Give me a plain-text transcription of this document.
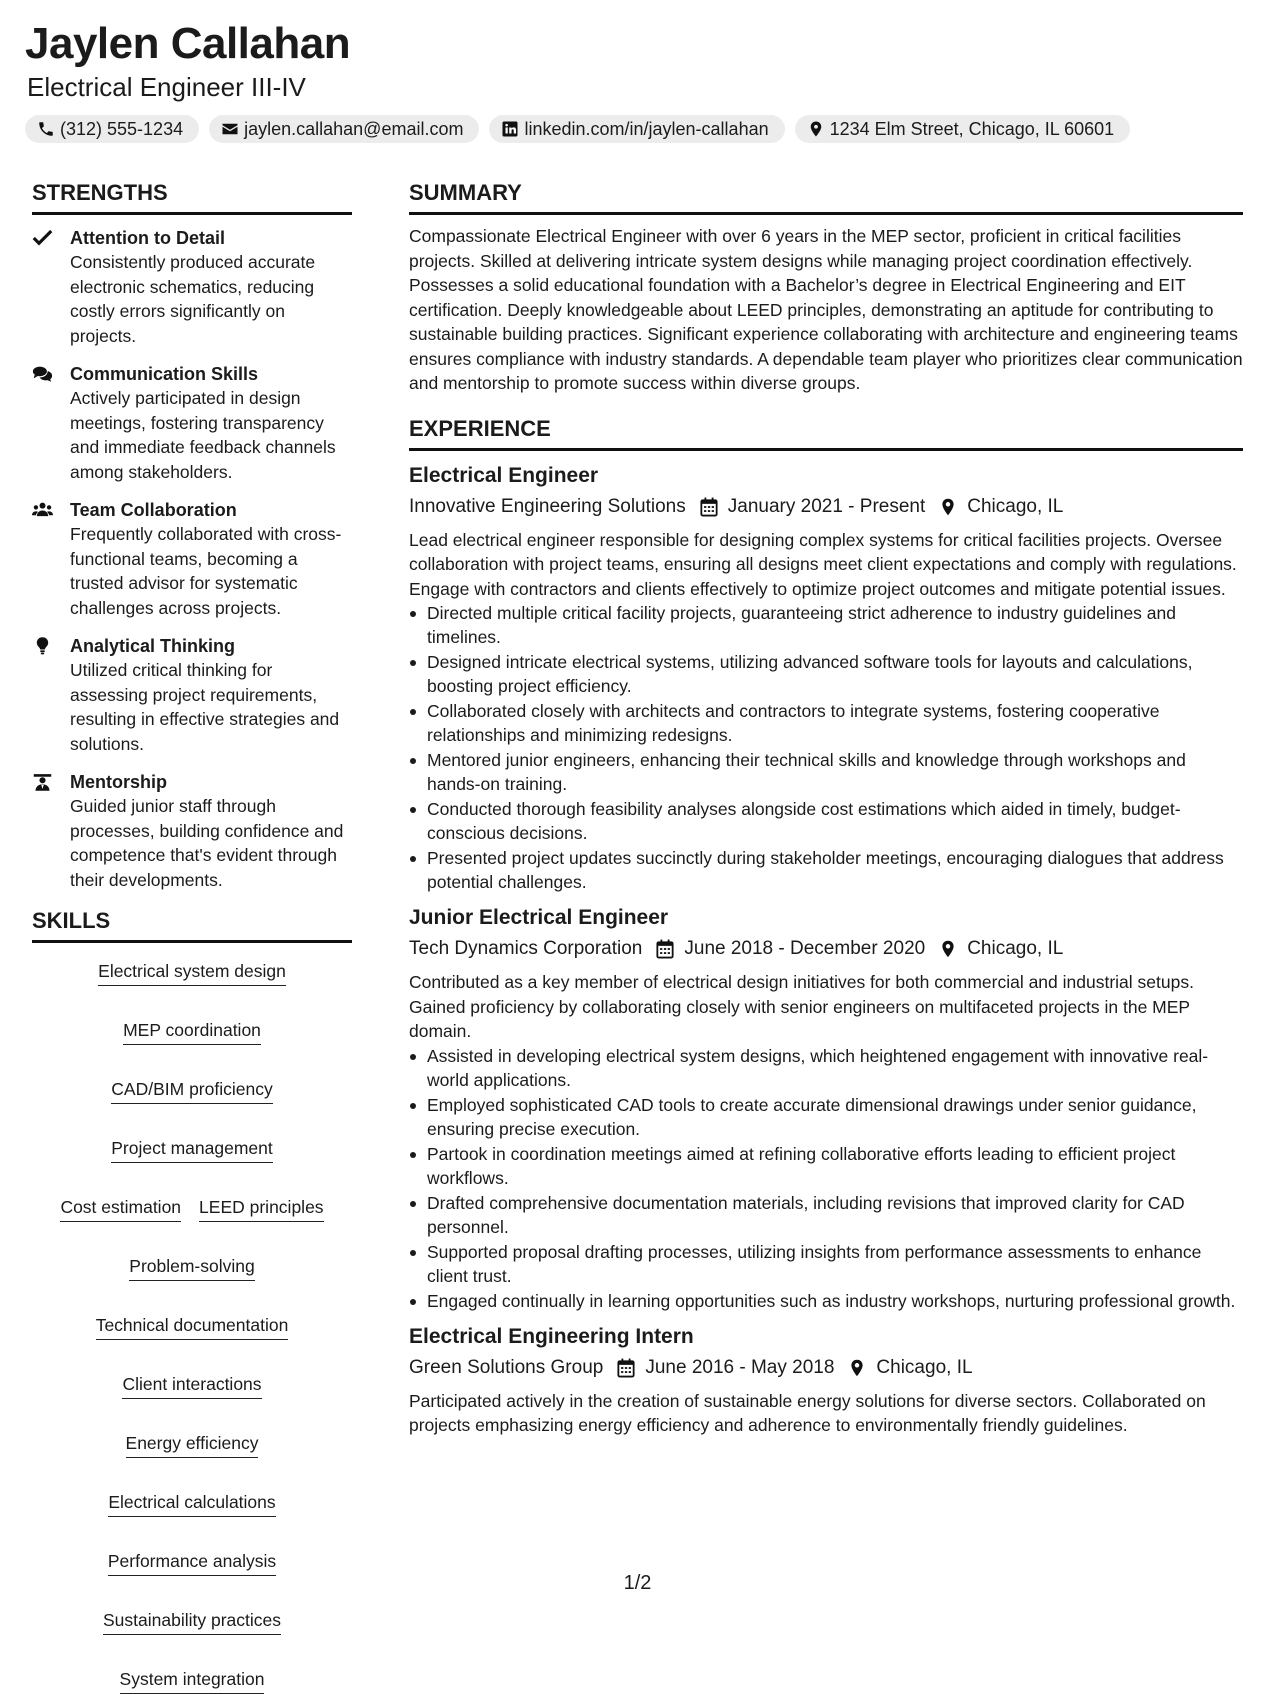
Jaylen Callahan
Electrical Engineer III-IV
(312) 555-1234	jaylen.callahan@email.com	linkedin.com/in/jaylen-callahan	1234 Elm Street, Chicago, IL 60601
STRENGTHS
Attention to Detail
Consistently produced accurate electronic schematics, reducing costly errors significantly on projects.
Communication Skills
Actively participated in design meetings, fostering transparency and immediate feedback channels among stakeholders.
Team Collaboration
Frequently collaborated with cross-functional teams, becoming a trusted advisor for systematic challenges across projects.
Analytical Thinking
Utilized critical thinking for assessing project requirements, resulting in effective strategies and solutions.
Mentorship
Guided junior staff through processes, building confidence and competence that's evident through their developments.
SKILLS
Electrical system design
MEP coordination
CAD/BIM proficiency
Project management
Cost estimation LEED principles
Problem-solving
Technical documentation
Client interactions
Energy efficiency
Electrical calculations
Performance analysis
Sustainability practices
System integration
SUMMARY
Compassionate Electrical Engineer with over 6 years in the MEP sector, proficient in critical facilities projects. Skilled at delivering intricate system designs while managing project coordination effectively. Possesses a solid educational foundation with a Bachelor’s degree in Electrical Engineering and EIT certification. Deeply knowledgeable about LEED principles, demonstrating an aptitude for contributing to sustainable building practices. Significant experience collaborating with architecture and engineering teams ensures compliance with industry standards. A dependable team player who prioritizes clear communication and mentorship to promote success within diverse groups.
EXPERIENCE
Electrical Engineer
Innovative Engineering Solutions January 2021 - Present Chicago, IL
Lead electrical engineer responsible for designing complex systems for critical facilities projects. Oversee collaboration with project teams, ensuring all designs meet client expectations and comply with regulations. Engage with contractors and clients effectively to optimize project outcomes and mitigate potential issues.
Directed multiple critical facility projects, guaranteeing strict adherence to industry guidelines and timelines.
Designed intricate electrical systems, utilizing advanced software tools for layouts and calculations, boosting project efficiency.
Collaborated closely with architects and contractors to integrate systems, fostering cooperative relationships and minimizing redesigns.
Mentored junior engineers, enhancing their technical skills and knowledge through workshops and hands-on training.
Conducted thorough feasibility analyses alongside cost estimations which aided in timely, budget-conscious decisions.
Presented project updates succinctly during stakeholder meetings, encouraging dialogues that address potential challenges.
Junior Electrical Engineer
Tech Dynamics Corporation June 2018 - December 2020 Chicago, IL
Contributed as a key member of electrical design initiatives for both commercial and industrial setups. Gained proficiency by collaborating closely with senior engineers on multifaceted projects in the MEP domain.
Assisted in developing electrical system designs, which heightened engagement with innovative real-world applications.
Employed sophisticated CAD tools to create accurate dimensional drawings under senior guidance, ensuring precise execution.
Partook in coordination meetings aimed at refining collaborative efforts leading to efficient project workflows.
Drafted comprehensive documentation materials, including revisions that improved clarity for CAD personnel.
Supported proposal drafting processes, utilizing insights from performance assessments to enhance client trust.
Engaged continually in learning opportunities such as industry workshops, nurturing professional growth.
Electrical Engineering Intern
Green Solutions Group June 2016 - May 2018 Chicago, IL
Participated actively in the creation of sustainable energy solutions for diverse sectors. Collaborated on projects emphasizing energy efficiency and adherence to environmentally friendly guidelines.
1/2
